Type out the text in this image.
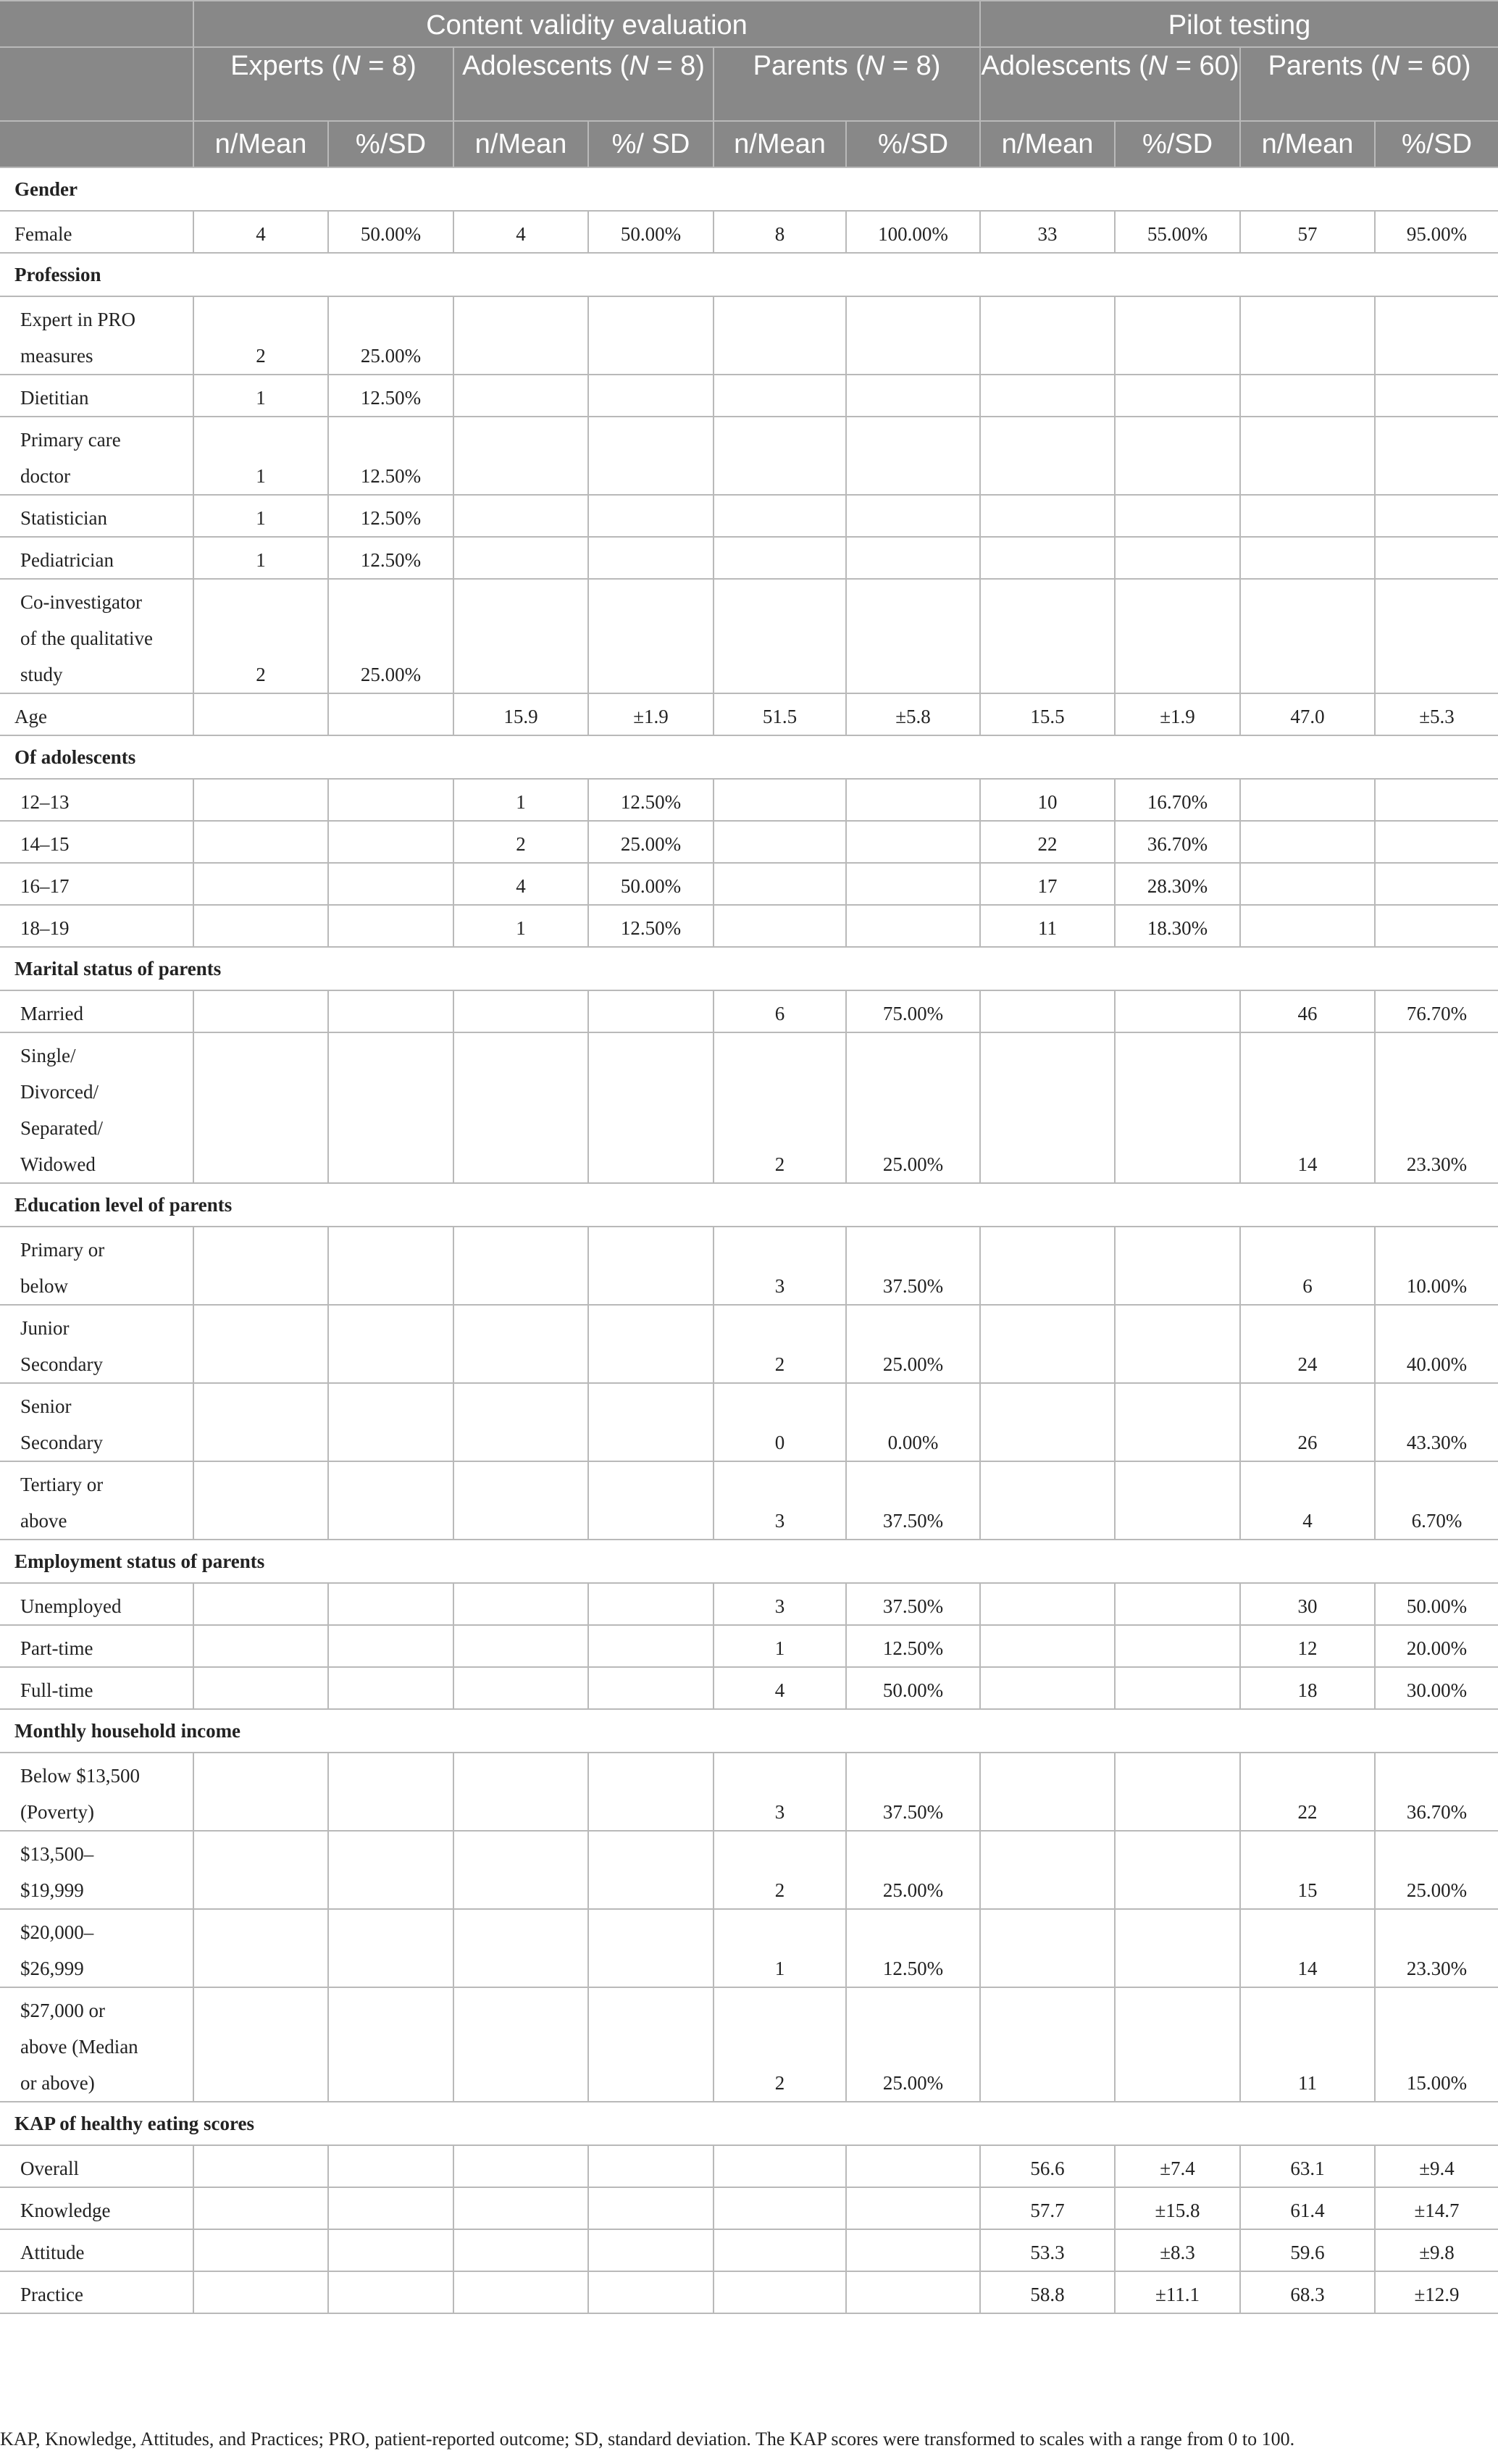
	Content validity evaluation						Pilot testing			
	Experts (N = 8)		Adolescents (N = 8)		Parents (N = 8)		Adolescents (N = 60)		Parents (N = 60)	
	n/Mean	%/SD	n/Mean	%/ SD	n/Mean	%/SD	n/Mean	%/SD	n/Mean	%/SD
Gender										
Female	4	50.00%	4	50.00%	8	100.00%	33	55.00%	57	95.00%
Profession										

Expert in PRO
measures	2	25.00%								
Dietitian	1	12.50%								

Primary care
doctor	1	12.50%								
Statistician	1	12.50%								
Pediatrician	1	12.50%								

Co-investigator
of the qualitative
study	2	25.00%								
Age			15.9	±1.9	51.5	±5.8	15.5	±1.9	47.0	±5.3
Of adolescents										
12–13			1	12.50%			10	16.70%		
14–15			2	25.00%			22	36.70%		
16–17			4	50.00%			17	28.30%		
18–19			1	12.50%			11	18.30%		
Marital status of parents										
Married					6	75.00%			46	76.70%

Single/
Divorced/
Separated/
Widowed					2	25.00%			14	23.30%
Education level of parents										

Primary or
below					3	37.50%			6	10.00%

Junior
Secondary					2	25.00%			24	40.00%

Senior
Secondary					0	0.00%			26	43.30%

Tertiary or
above					3	37.50%			4	6.70%
Employment status of parents										
Unemployed					3	37.50%			30	50.00%
Part-time					1	12.50%			12	20.00%
Full-time					4	50.00%			18	30.00%
Monthly household income										

Below $13,500
(Poverty)					3	37.50%			22	36.70%

$13,500–
$19,999					2	25.00%			15	25.00%

$20,000–
$26,999					1	12.50%			14	23.30%

$27,000 or
above (Median
or above)					2	25.00%			11	15.00%
KAP of healthy eating scores										
Overall							56.6	±7.4	63.1	±9.4
Knowledge							57.7	±15.8	61.4	±14.7
Attitude							53.3	±8.3	59.6	±9.8
Practice							58.8	±11.1	68.3	±12.9
KAP, Knowledge, Attitudes, and Practices; PRO, patient-reported outcome; SD, standard deviation. The KAP scores were transformed to scales with a range from 0 to 100.
